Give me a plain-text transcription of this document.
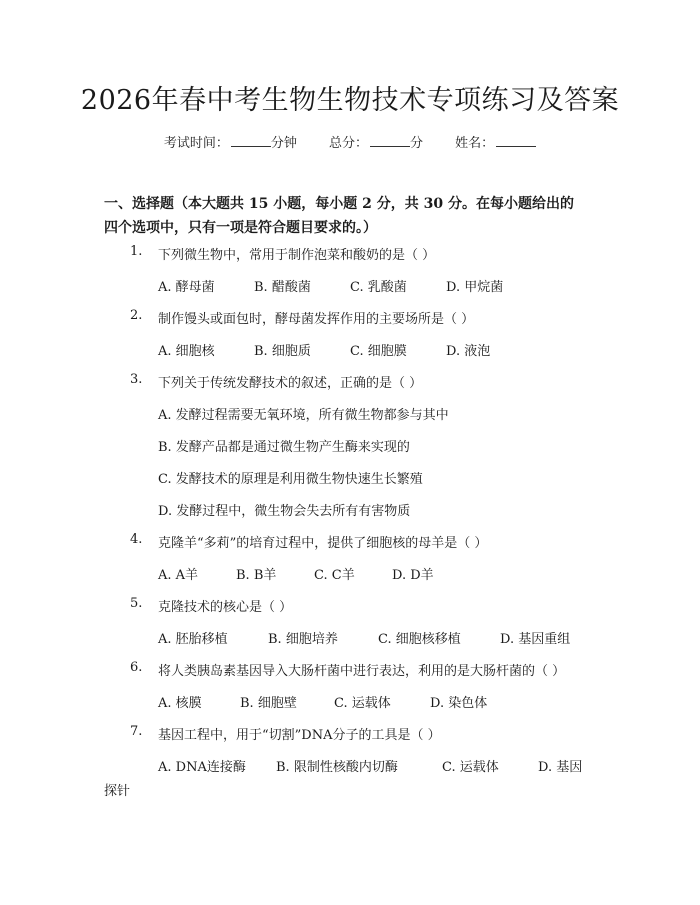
2026年春中考生物生物技术专项练习及答案
考试时间：	分钟 总分：	分 姓名：
一、选择题（本大题共 15 小题，每小题 2 分，共 30 分。在每小题给出的四个选项中，只有一项是符合题目要求的。）
1. 下列微生物中，常用于制作泡菜和酸奶的是（ ）
A. 酵母菌	B. 醋酸菌	C. 乳酸菌	D. 甲烷菌
2. 制作馒头或面包时，酵母菌发挥作用的主要场所是（ ）
A. 细胞核	B. 细胞质	C. 细胞膜	D. 液泡
3. 下列关于传统发酵技术的叙述，正确的是（ ）
A. 发酵过程需要无氧环境，所有微生物都参与其中
B. 发酵产品都是通过微生物产生酶来实现的
C. 发酵技术的原理是利用微生物快速生长繁殖
D. 发酵过程中，微生物会失去所有有害物质
4. 克隆羊“多莉”的培育过程中，提供了细胞核的母羊是（ ）
A. A羊	B. B羊	C. C羊	D. D羊
5. 克隆技术的核心是（ ）
A. 胚胎移植	B. 细胞培养	C. 细胞核移植	D. 基因重组
6. 将人类胰岛素基因导入大肠杆菌中进行表达，利用的是大肠杆菌的（ ）
A. 核膜	B. 细胞壁	C. 运载体	D. 染色体
7. 基因工程中，用于“切割”DNA分子的工具是（ ）
A. DNA连接酶 B. 限制性核酸内切酶	C. 运载体	D. 基因
探针
